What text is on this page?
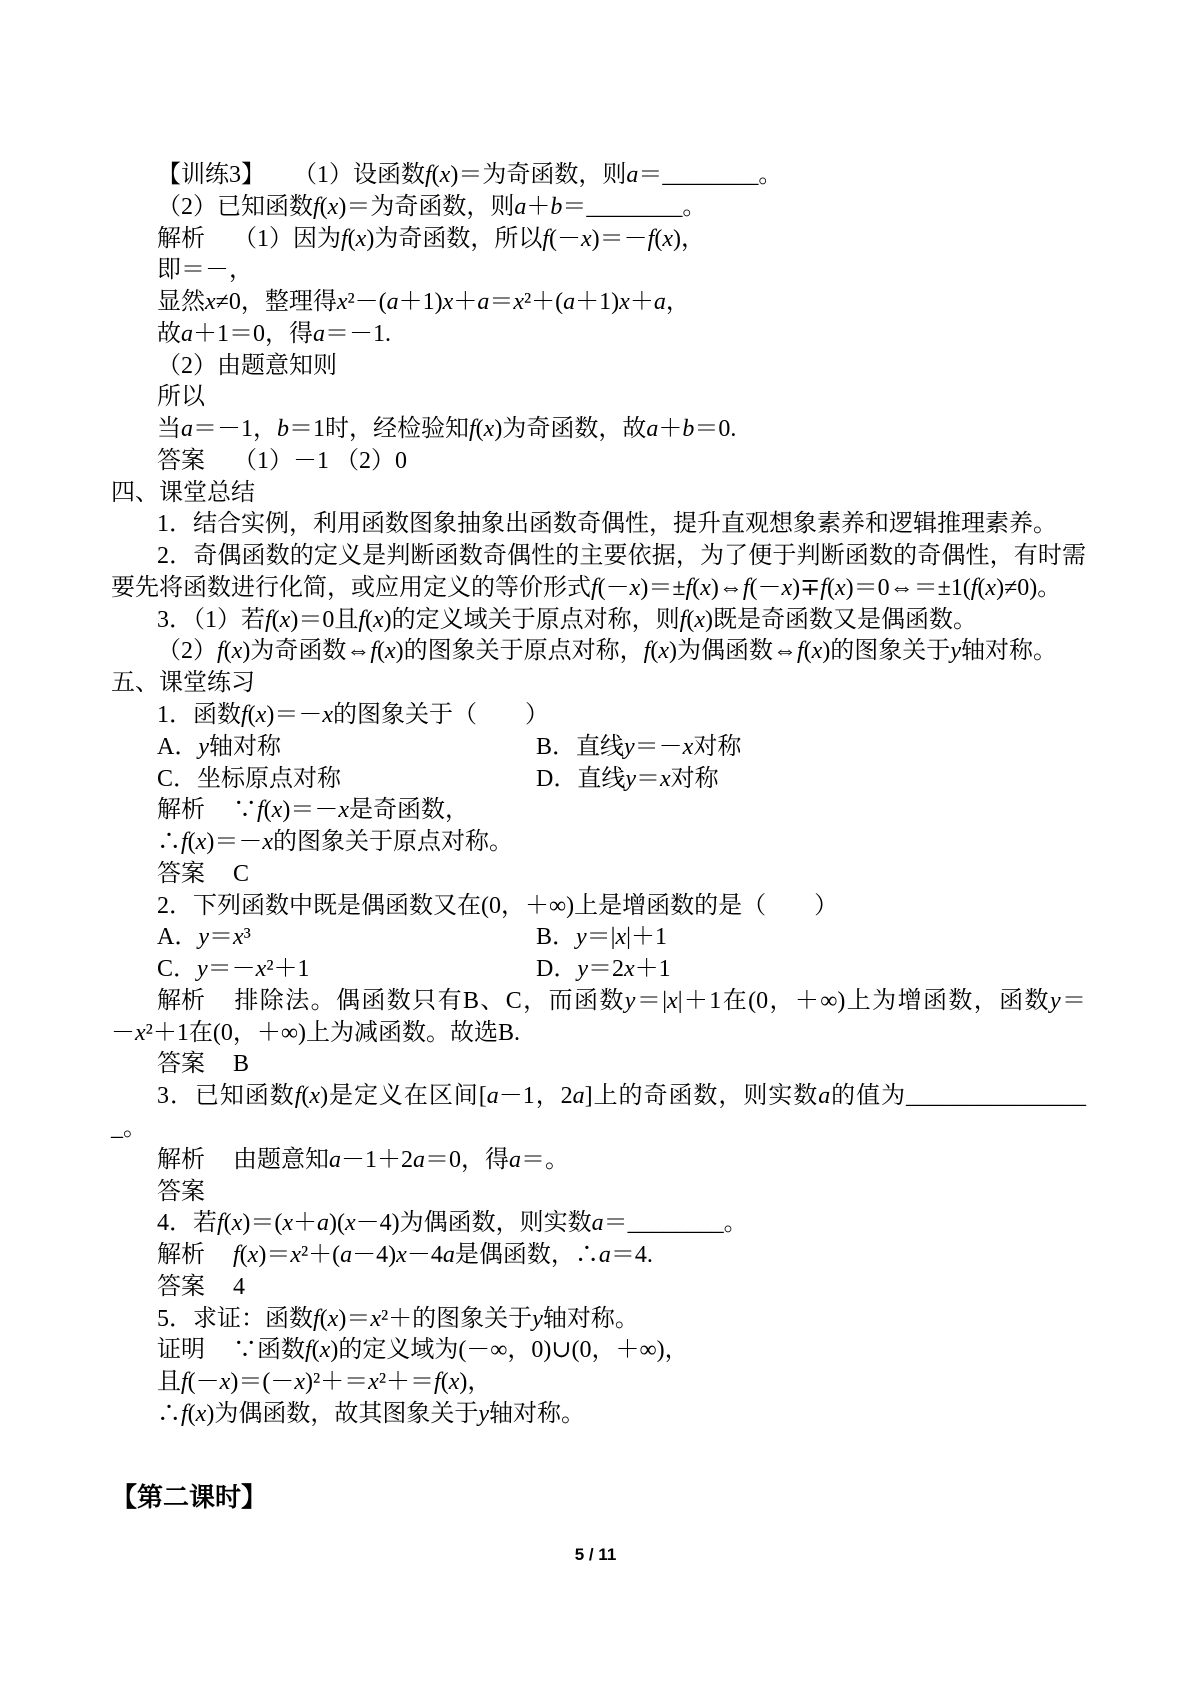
【训练3】 （1）设函数f(x)＝为奇函数，则a＝________。
（2）已知函数f(x)＝为奇函数，则a＋b＝________。
解析 （1）因为f(x)为奇函数，所以f(－x)＝－f(x)，
即＝－，
显然x≠0，整理得x²－(a＋1)x＋a＝x²＋(a＋1)x＋a，
故a＋1＝0，得a＝－1.
（2）由题意知则
所以
当a＝－1，b＝1时，经检验知f(x)为奇函数，故a＋b＝0.
答案 （1）－1 （2）0
四、课堂总结
1．结合实例，利用函数图象抽象出函数奇偶性，提升直观想象素养和逻辑推理素养。
2．奇偶函数的定义是判断函数奇偶性的主要依据，为了便于判断函数的奇偶性，有时需
要先将函数进行化简，或应用定义的等价形式f(－x)＝±f(x)⇔f(－x)∓f(x)＝0⇔＝±1(f(x)≠0)。
3．（1）若f(x)＝0且f(x)的定义域关于原点对称，则f(x)既是奇函数又是偶函数。
（2）f(x)为奇函数⇔f(x)的图象关于原点对称，f(x)为偶函数⇔f(x)的图象关于y轴对称。
五、课堂练习
1．函数f(x)＝－x的图象关于（　　）
A．y轴对称	B．直线y＝－x对称
C．坐标原点对称	D．直线y＝x对称
解析 ∵f(x)＝－x是奇函数，
∴f(x)＝－x的图象关于原点对称。
答案 C
2．下列函数中既是偶函数又在(0，＋∞)上是增函数的是（　　）
A．y＝x³	B．y＝|x|＋1
C．y＝－x²＋1	D．y＝2x＋1
解析 排除法。偶函数只有B、C，而函数y＝|x|＋1在(0，＋∞)上为增函数，函数y＝
－x²＋1在(0，＋∞)上为减函数。故选B.
答案 B
3．已知函数f(x)是定义在区间[a－1，2a]上的奇函数，则实数a的值为_______________
_。
解析 由题意知a－1＋2a＝0，得a＝。
答案
4．若f(x)＝(x＋a)(x－4)为偶函数，则实数a＝________。
解析 f(x)＝x²＋(a－4)x－4a是偶函数，∴a＝4.
答案 4
5．求证：函数f(x)＝x²＋的图象关于y轴对称。
证明 ∵函数f(x)的定义域为(－∞，0)∪(0，＋∞)，
且f(－x)＝(－x)²＋＝x²＋＝f(x)，
∴f(x)为偶函数，故其图象关于y轴对称。
【第二课时】
5 / 11
